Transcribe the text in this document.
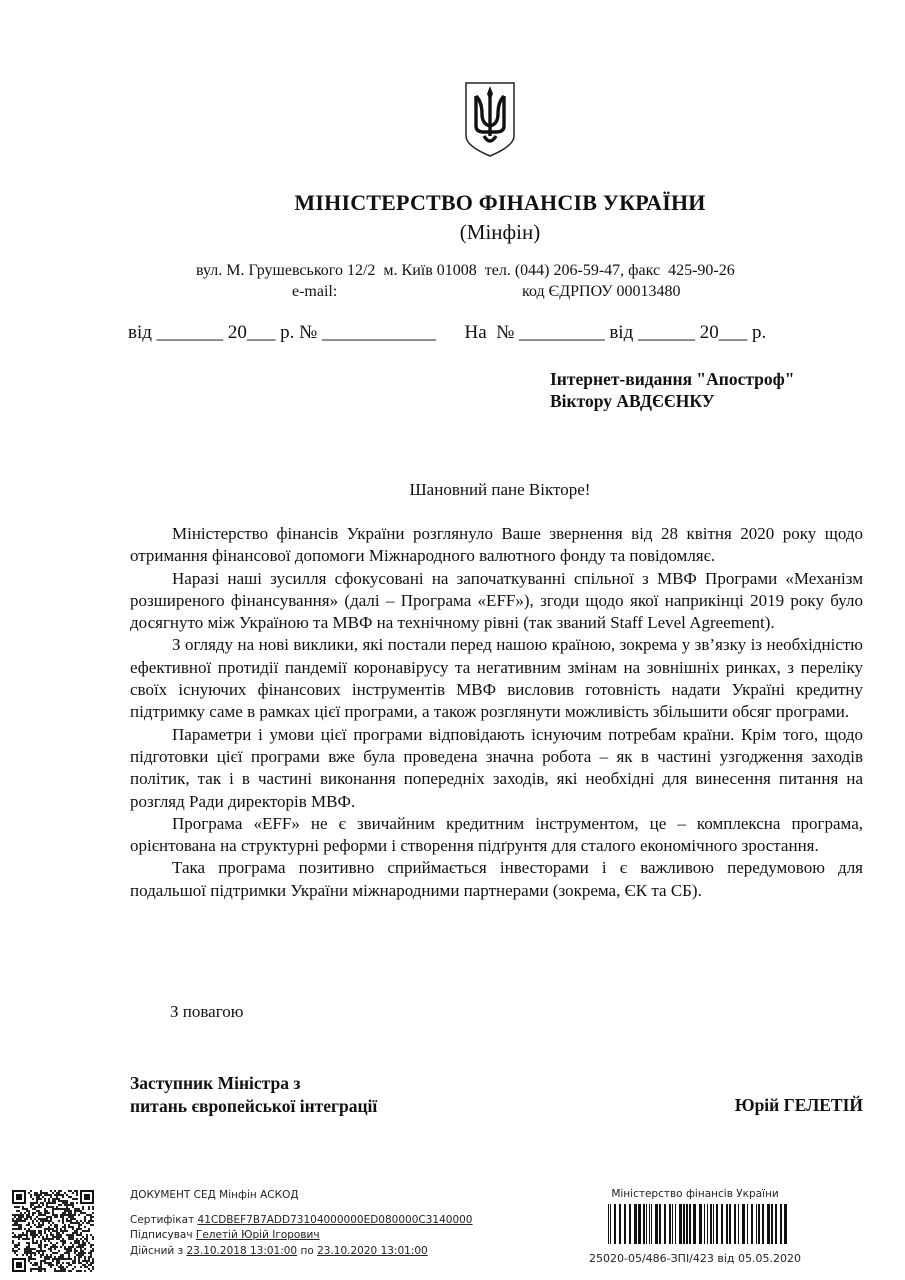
МІНІСТЕРСТВО ФІНАНСІВ УКРАЇНИ
(Мінфін)
вул. М. Грушевського 12/2  м. Київ 01008  тел. (044) 206-59-47, факс  425-90-26
e-mail:	код ЄДРПОУ 00013480
від _______ 20___ р. № ____________      На  № _________ від ______ 20___ р.
Інтернет-видання "Апостроф"
Віктору АВДЄЄНКУ
Шановний пане Вікторе!

Міністерство фінансів України розглянуло Ваше звернення від 28 квітня 2020 року щодо отримання фінансової допомоги Міжнародного валютного фонду та повідомляє.

Наразі наші зусилля сфокусовані на започаткуванні спільної з МВФ Програми «Механізм розширеного фінансування» (далі – Програма «EFF»), згоди щодо якої наприкінці 2019 року було досягнуто між Україною та МВФ на технічному рівні (так званий Staff Level Agreement).

З огляду на нові виклики, які постали перед нашою країною, зокрема у зв’язку із необхідністю ефективної протидії пандемії коронавірусу та негативним змінам на зовнішніх ринках, з переліку своїх існуючих фінансових інструментів МВФ висловив готовність надати Україні кредитну підтримку саме в рамках цієї програми, а також розглянути можливість збільшити обсяг програми.

Параметри і умови цієї програми відповідають існуючим потребам країни. Крім того, щодо підготовки цієї програми вже була проведена значна робота – як в частині узгодження заходів політик, так і в частині виконання попередніх заходів, які необхідні для винесення питання на розгляд Ради директорів МВФ.

Програма «EFF» не є звичайним кредитним інструментом, це – комплексна програма, орієнтована на структурні реформи і створення підґрунтя для сталого економічного зростання.

Така програма позитивно сприймається інвесторами і є важливою передумовою для подальшої підтримки України міжнародними партнерами (зокрема, ЄК та СБ).

З повагою
Заступник Міністра з
питань європейської інтеграції	Юрій ГЕЛЕТІЙ
ДОКУМЕНТ СЕД Мінфін АСКОД
Сертифікат 41CDBEF7B7ADD73104000000ED080000C3140000
Підписувач Гелетій Юрій Ігорович
Дійсний з 23.10.2018 13:01:00 по 23.10.2020 13:01:00
Міністерство фінансів України
25020-05/486-ЗПІ/423 від 05.05.2020
